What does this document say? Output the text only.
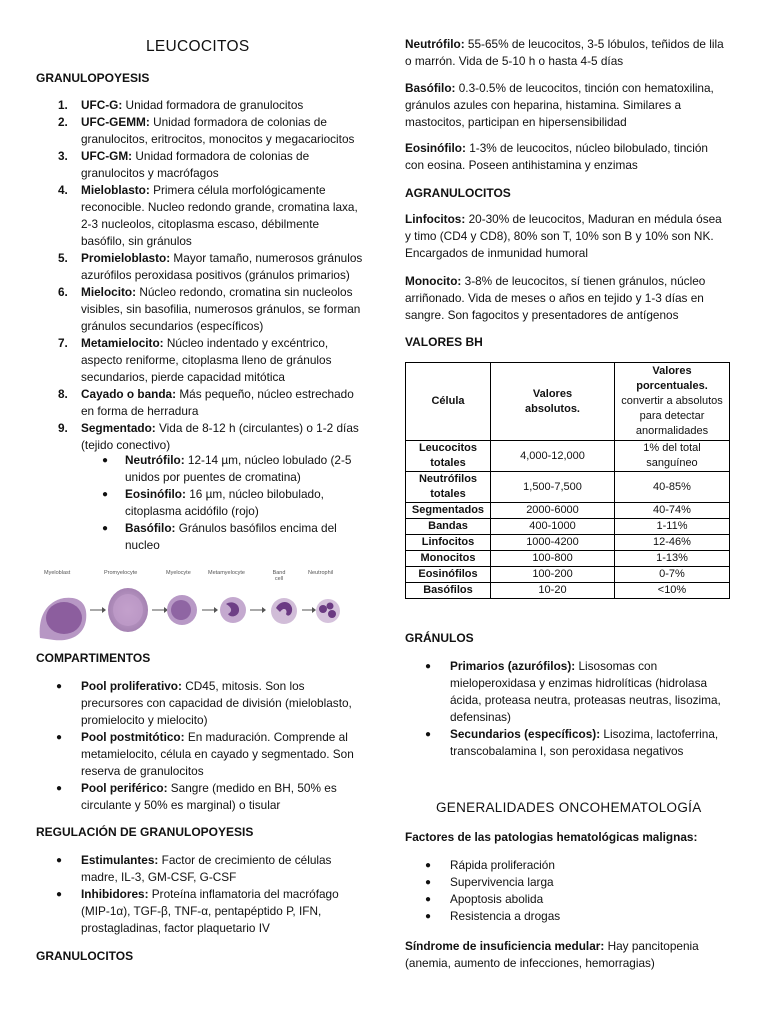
LEUCOCITOS
GRANULOPOYESIS
1. UFC-G: Unidad formadora de granulocitos
2. UFC-GEMM: Unidad formadora de colonias de granulocitos, eritrocitos, monocitos y megacariocitos
3. UFC-GM: Unidad formadora de colonias de granulocitos y macrófagos
4. Mieloblasto: Primera célula morfológicamente reconocible. Nucleo redondo grande, cromatina laxa, 2-3 nucleolos, citoplasma escaso, débilmente basófilo, sin gránulos
5. Promieloblasto: Mayor tamaño, numerosos gránulos azurófilos peroxidasa positivos (gránulos primarios)
6. Mielocito: Núcleo redondo, cromatina sin nucleolos visibles, sin basofilia, numerosos gránulos, se forman gránulos secundarios (específicos)
7. Metamielocito: Núcleo indentado y excéntrico, aspecto reniforme, citoplasma lleno de gránulos secundarios, pierde capacidad mitótica
8. Cayado o banda: Más pequeño, núcleo estrechado en forma de herradura
9. Segmentado: Vida de 8-12 h (circulantes) o 1-2 días (tejido conectivo)
● Neutrófilo: 12-14 µm, núcleo lobulado (2-5 unidos por puentes de cromatina)
● Eosinófilo: 16 µm, núcleo bilobulado, citoplasma acidófilo (rojo)
● Basófilo: Gránulos basófilos encima del nucleo
Myeloblast	Promyelocyte	Myelocyte	Metamyelocyte	Band cell
Neutrophil
COMPARTIMENTOS
● Pool proliferativo: CD45, mitosis. Son los precursores con capacidad de división (mieloblasto, promielocito y mielocito)
● Pool postmitótico: En maduración. Comprende al metamielocito, célula en cayado y segmentado. Son reserva de granulocitos
● Pool periférico: Sangre (medido en BH, 50% es circulante y 50% es marginal) o tisular
REGULACIÓN DE GRANULOPOYESIS
● Estimulantes: Factor de crecimiento de células madre, IL-3, GM-CSF, G-CSF
● Inhibidores: Proteína inflamatoria del macrófago (MIP-1α), TGF-β, TNF-α, pentapéptido P, IFN, prostagladinas, factor plaquetario IV
GRANULOCITOS
Neutrófilo: 55-65% de leucocitos, 3-5 lóbulos, teñidos de lila o marrón. Vida de 5-10 h o hasta 4-5 días
Basófilo: 0.3-0.5% de leucocitos, tinción con hematoxilina, gránulos azules con heparina, histamina. Similares a mastocitos, participan en hipersensibilidad
Eosinófilo: 1-3% de leucocitos, núcleo bilobulado, tinción con eosina. Poseen antihistamina y enzimas
AGRANULOCITOS
Linfocitos: 20-30% de leucocitos, Maduran en médula ósea y timo (CD4 y CD8), 80% son T, 10% son B y 10% son NK. Encargados de inmunidad humoral
Monocito: 3-8% de leucocitos, sí tienen gránulos, núcleo arriñonado. Vida de meses o años en tejido y 1-3 días en sangre. Son fagocitos y presentadores de antígenos
VALORES BH
Célula	Valores absolutos.	Valores porcentuales.
convertir a absolutos para detectar anormalidades
Leucocitos totales	4,000-12,000	1% del total sanguíneo
Neutrófilos totales	1,500-7,500	40-85%
Segmentados	2000-6000	40-74%
Bandas	400-1000	1-11%
Linfocitos	1000-4200	12-46%
Monocitos	100-800	1-13%
Eosinófilos	100-200	0-7%
Basófilos	10-20	<10%
GRÁNULOS
● Primarios (azurófilos): Lisosomas con mieloperoxidasa y enzimas hidrolíticas (hidrolasa ácida, proteasa neutra, proteasas neutras, lisozima, defensinas)
● Secundarios (específicos): Lisozima, lactoferrina, transcobalamina I, son peroxidasa negativos
GENERALIDADES ONCOHEMATOLOGÍA
Factores de las patologias hematológicas malignas:
● Rápida proliferación
● Supervivencia larga
● Apoptosis abolida
● Resistencia a drogas
Síndrome de insuficiencia medular: Hay pancitopenia (anemia, aumento de infecciones, hemorragias)
